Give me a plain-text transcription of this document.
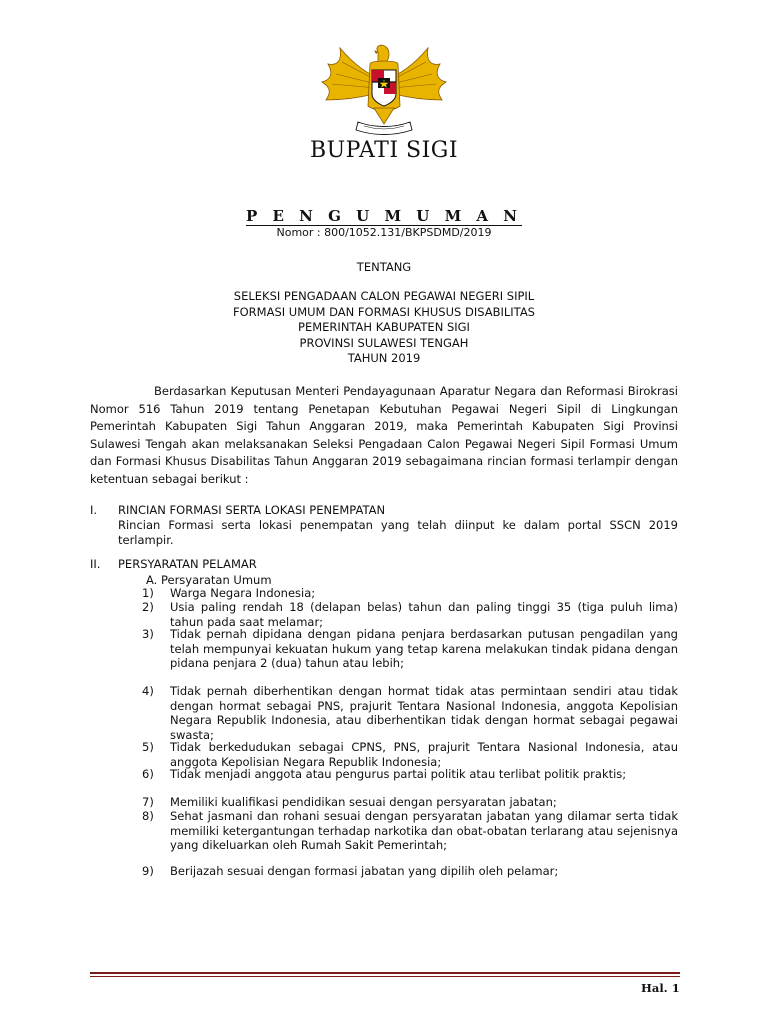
BUPATI SIGI
P E N G U M U M A N
Nomor : 800/1052.131/BKPSDMD/2019
TENTANG
SELEKSI PENGADAAN CALON PEGAWAI NEGERI SIPIL
FORMASI UMUM DAN FORMASI KHUSUS DISABILITAS
PEMERINTAH KABUPATEN SIGI
PROVINSI SULAWESI TENGAH
TAHUN 2019
Berdasarkan Keputusan Menteri Pendayagunaan Aparatur Negara dan Reformasi Birokrasi Nomor 516 Tahun 2019 tentang Penetapan Kebutuhan Pegawai Negeri Sipil di Lingkungan Pemerintah Kabupaten Sigi Tahun Anggaran 2019, maka Pemerintah Kabupaten Sigi Provinsi Sulawesi Tengah akan melaksanakan Seleksi Pengadaan Calon Pegawai Negeri Sipil Formasi Umum dan Formasi Khusus Disabilitas Tahun Anggaran 2019 sebagaimana rincian formasi terlampir dengan ketentuan sebagai berikut :
I. RINCIAN FORMASI SERTA LOKASI PENEMPATAN
Rincian Formasi serta lokasi penempatan yang telah diinput ke dalam portal SSCN 2019 terlampir.
II. PERSYARATAN PELAMAR
A. Persyaratan Umum
1)	Warga Negara Indonesia;
2)	Usia paling rendah 18 (delapan belas) tahun dan paling tinggi 35 (tiga puluh lima) tahun pada saat melamar;
3)	Tidak pernah dipidana dengan pidana penjara berdasarkan putusan pengadilan yang telah mempunyai kekuatan hukum yang tetap karena melakukan tindak pidana dengan pidana penjara 2 (dua) tahun atau lebih;
4)	Tidak pernah diberhentikan dengan hormat tidak atas permintaan sendiri atau tidak dengan hormat sebagai PNS, prajurit Tentara Nasional Indonesia, anggota Kepolisian Negara Republik Indonesia, atau diberhentikan tidak dengan hormat sebagai pegawai swasta;
5)	Tidak berkedudukan sebagai CPNS, PNS, prajurit Tentara Nasional Indonesia, atau anggota Kepolisian Negara Republik Indonesia;
6)	Tidak menjadi anggota atau pengurus partai politik atau terlibat politik praktis;
7)	Memiliki kualifikasi pendidikan sesuai dengan persyaratan jabatan;
8)	Sehat jasmani dan rohani sesuai dengan persyaratan jabatan yang dilamar serta tidak memiliki ketergantungan terhadap narkotika dan obat-obatan terlarang atau sejenisnya yang dikeluarkan oleh Rumah Sakit Pemerintah;
9)	Berijazah sesuai dengan formasi jabatan yang dipilih oleh pelamar;
Hal. 1
